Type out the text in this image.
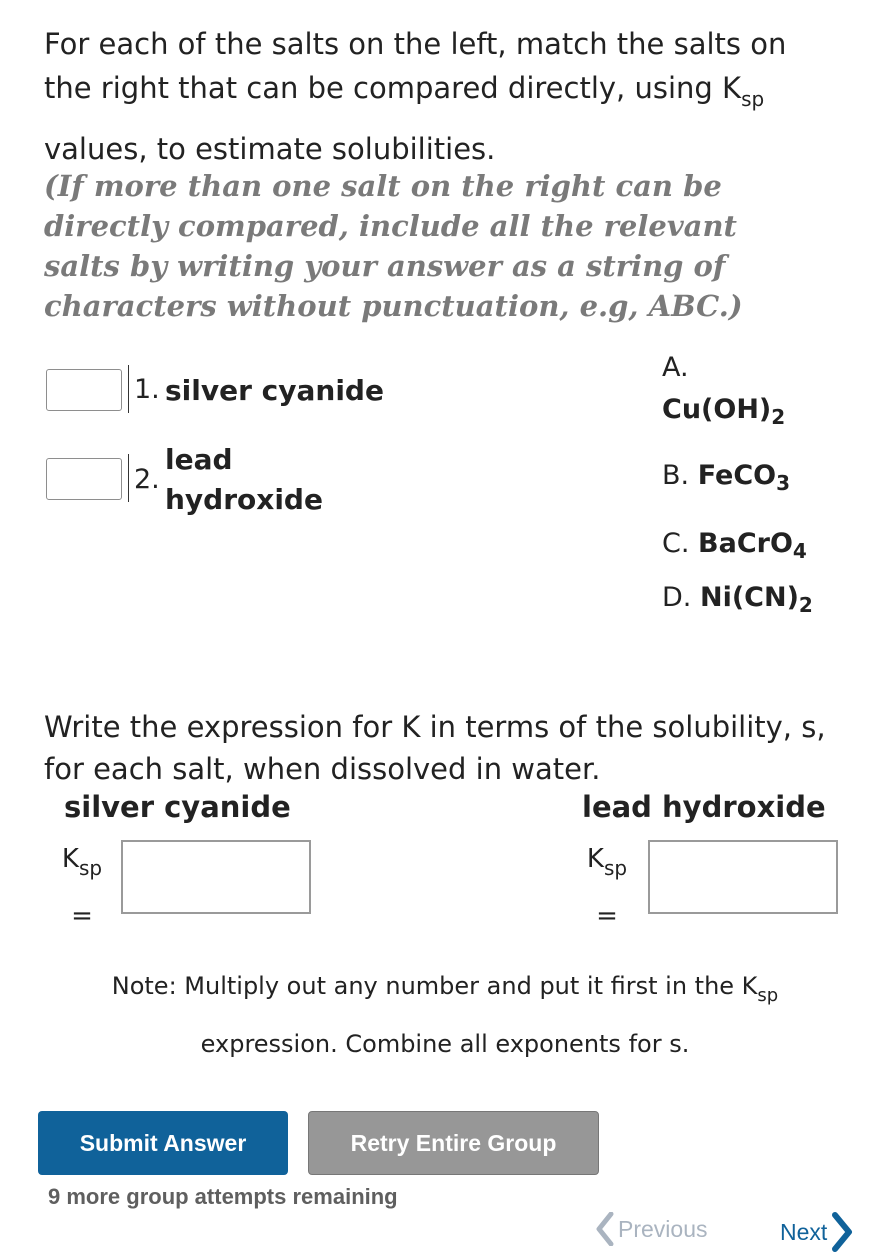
For each of the salts on the left, match the salts on
the right that can be compared directly, using $K_{sp}$
values, to estimate solubilities.
(If more than one salt on the right can be directly compared, include all the relevant salts by writing your answer as a string of characters without punctuation, e.g, ABC.)
1. silver cyanide
2.
lead
hydroxide
A.
$Cu(OH)_2$
B. FeCO$_3$
C. BaCrO$_4$
D. $Ni(CN)_2$
Write the expression for K in terms of the solubility, s, for each salt, when dissolved in water.
silver cyanide	lead hydroxide
$K_{sp}$
=
$K_{sp}$
=
Note: Multiply out any number and put it first in the $K_{sp}$
expression. Combine all exponents for s.
Submit Answer	Retry Entire Group
9 more group attempts remaining
Previous	Next
